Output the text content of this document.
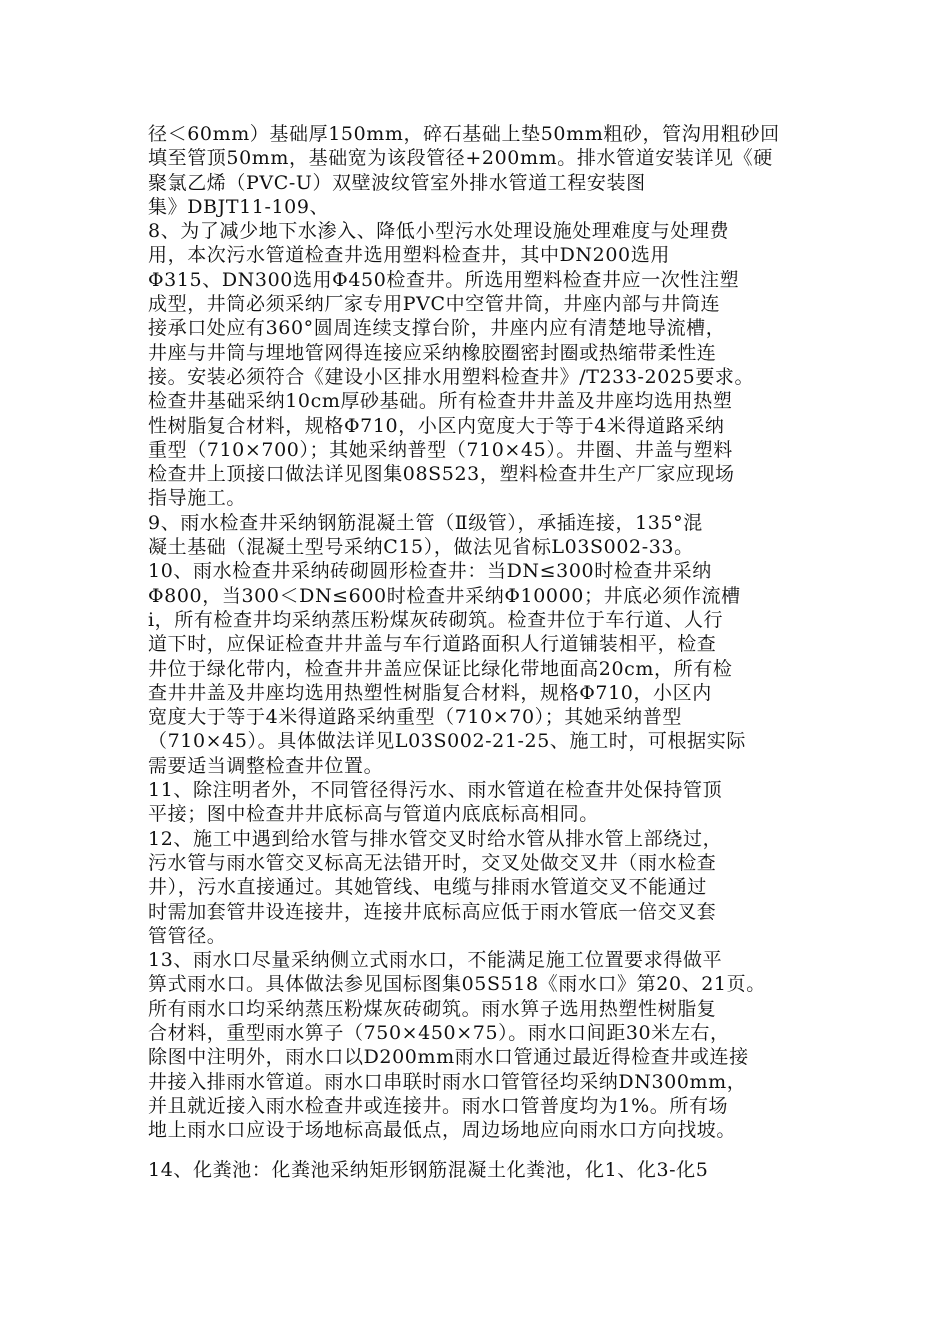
径＜60mm）基础厚150mm，碎石基础上垫50mm粗砂，管沟用粗砂回
填至管顶50mm，基础宽为该段管径+200mm。排水管道安装详见《硬
聚氯乙烯（PVC-U）双壁波纹管室外排水管道工程安装图
集》DBJT11-109、
8、为了减少地下水渗入、降低小型污水处理设施处理难度与处理费
用，本次污水管道检查井选用塑料检查井，其中DN200选用
Φ315、DN300选用Φ450检查井。所选用塑料检查井应一次性注塑
成型，井筒必须采纳厂家专用PVC中空管井筒，井座内部与井筒连
接承口处应有360°圆周连续支撑台阶，井座内应有清楚地导流槽，
井座与井筒与埋地管网得连接应采纳橡胶圈密封圈或热缩带柔性连
接。安装必须符合《建设小区排水用塑料检查井》/T233-2025要求。
检查井基础采纳10cm厚砂基础。所有检查井井盖及井座均选用热塑
性树脂复合材料，规格Φ710，小区内宽度大于等于4米得道路采纳
重型（710×700）；其她采纳普型（710×45）。井圈、井盖与塑料
检查井上顶接口做法详见图集08S523，塑料检查井生产厂家应现场
指导施工。
9、雨水检查井采纳钢筋混凝土管（Ⅱ级管），承插连接，135°混
凝土基础（混凝土型号采纳C15），做法见省标L03S002-33。
10、雨水检查井采纳砖砌圆形检查井：当DN≤300时检查井采纳
Φ800，当300＜DN≤600时检查井采纳Φ10000；井底必须作流槽
i，所有检查井均采纳蒸压粉煤灰砖砌筑。检查井位于车行道、人行
道下时，应保证检查井井盖与车行道路面积人行道铺装相平，检查
井位于绿化带内，检查井井盖应保证比绿化带地面高20cm，所有检
查井井盖及井座均选用热塑性树脂复合材料，规格Φ710，小区内
宽度大于等于4米得道路采纳重型（710×70）；其她采纳普型
（710×45）。具体做法详见L03S002-21-25、施工时，可根据实际
需要适当调整检查井位置。
11、除注明者外，不同管径得污水、雨水管道在检查井处保持管顶
平接；图中检查井井底标高与管道内底底标高相同。
12、施工中遇到给水管与排水管交叉时给水管从排水管上部绕过，
污水管与雨水管交叉标高无法错开时，交叉处做交叉井（雨水检查
井），污水直接通过。其她管线、电缆与排雨水管道交叉不能通过
时需加套管井设连接井，连接井底标高应低于雨水管底一倍交叉套
管管径。
13、雨水口尽量采纳侧立式雨水口，不能满足施工位置要求得做平
箅式雨水口。具体做法参见国标图集05S518《雨水口》第20、21页。
所有雨水口均采纳蒸压粉煤灰砖砌筑。雨水箅子选用热塑性树脂复
合材料，重型雨水箅子（750×450×75）。雨水口间距30米左右，
除图中注明外，雨水口以D200mm雨水口管通过最近得检查井或连接
井接入排雨水管道。雨水口串联时雨水口管管径均采纳DN300mm，
并且就近接入雨水检查井或连接井。雨水口管普度均为1%。所有场
地上雨水口应设于场地标高最低点，周边场地应向雨水口方向找坡。
14、化粪池：化粪池采纳矩形钢筋混凝土化粪池，化1、化3-化5
